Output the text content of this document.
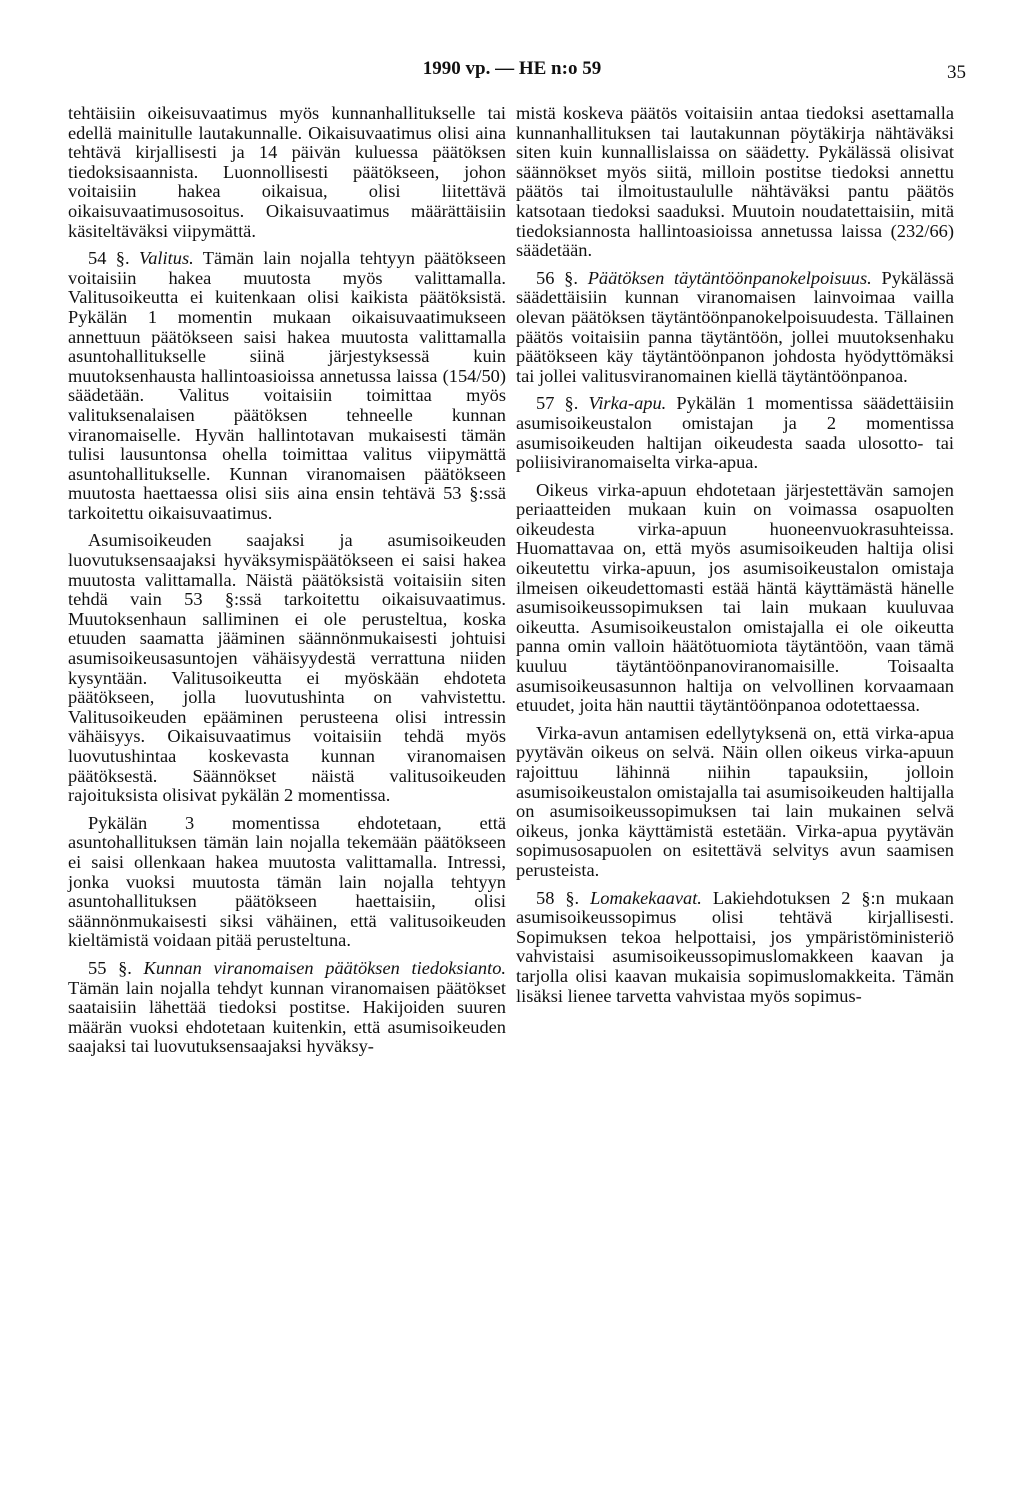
1990 vp. — HE n:o 59	35

tehtäisiin oikeisuvaatimus myös kunnanhallitukselle tai edellä mainitulle lautakunnalle. Oikaisuvaatimus olisi aina tehtävä kirjallisesti ja 14 päivän kuluessa päätöksen tiedoksisaannista. Luonnollisesti päätökseen, johon voitaisiin hakea oikaisua, olisi liitettävä oikaisuvaatimusosoitus. Oikaisuvaatimus määrättäisiin käsiteltäväksi viipymättä.

54 §. Valitus. Tämän lain nojalla tehtyyn päätökseen voitaisiin hakea muutosta myös valittamalla. Valitusoikeutta ei kuitenkaan olisi kaikista päätöksistä. Pykälän 1 momentin mukaan oikaisuvaatimukseen annettuun päätökseen saisi hakea muutosta valittamalla asuntohallitukselle siinä järjestyksessä kuin muutoksenhausta hallintoasioissa annetussa laissa (154/50) säädetään. Valitus voitaisiin toimittaa myös valituksenalaisen päätöksen tehneelle kunnan viranomaiselle. Hyvän hallintotavan mukaisesti tämän tulisi lausuntonsa ohella toimittaa valitus viipymättä asuntohallitukselle. Kunnan viranomaisen päätökseen muutosta haettaessa olisi siis aina ensin tehtävä 53 §:ssä tarkoitettu oikaisuvaatimus.

Asumisoikeuden saajaksi ja asumisoikeuden luovutuksensaajaksi hyväksymispäätökseen ei saisi hakea muutosta valittamalla. Näistä päätöksistä voitaisiin siten tehdä vain 53 §:ssä tarkoitettu oikaisuvaatimus. Muutoksenhaun salliminen ei ole perusteltua, koska etuuden saamatta jääminen säännönmukaisesti johtuisi asumisoikeusasuntojen vähäisyydestä verrattuna niiden kysyntään. Valitusoikeutta ei myöskään ehdoteta päätökseen, jolla luovutushinta on vahvistettu. Valitusoikeuden epääminen perusteena olisi intressin vähäisyys. Oikaisuvaatimus voitaisiin tehdä myös luovutushintaa koskevasta kunnan viranomaisen päätöksestä. Säännökset näistä valitusoikeuden rajoituksista olisivat pykälän 2 momentissa.

Pykälän 3 momentissa ehdotetaan, että asuntohallituksen tämän lain nojalla tekemään päätökseen ei saisi ollenkaan hakea muutosta valittamalla. Intressi, jonka vuoksi muutosta tämän lain nojalla tehtyyn asuntohallituksen päätökseen haettaisiin, olisi säännönmukaisesti siksi vähäinen, että valitusoikeuden kieltämistä voidaan pitää perusteltuna.

55 §. Kunnan viranomaisen päätöksen tiedoksianto. Tämän lain nojalla tehdyt kunnan viranomaisen päätökset saataisiin lähettää tiedoksi postitse. Hakijoiden suuren määrän vuoksi ehdotetaan kuitenkin, että asumisoikeuden saajaksi tai luovutuksensaajaksi hyväksy-

mistä koskeva päätös voitaisiin antaa tiedoksi asettamalla kunnanhallituksen tai lautakunnan pöytäkirja nähtäväksi siten kuin kunnallislaissa on säädetty. Pykälässä olisivat säännökset myös siitä, milloin postitse tiedoksi annettu päätös tai ilmoitustaululle nähtäväksi pantu päätös katsotaan tiedoksi saaduksi. Muutoin noudatettaisiin, mitä tiedoksiannosta hallintoasioissa annetussa laissa (232/66) säädetään.

56 §. Päätöksen täytäntöönpanokelpoisuus. Pykälässä säädettäisiin kunnan viranomaisen lainvoimaa vailla olevan päätöksen täytäntöönpanokelpoisuudesta. Tällainen päätös voitaisiin panna täytäntöön, jollei muutoksenhaku päätökseen käy täytäntöönpanon johdosta hyödyttömäksi tai jollei valitusviranomainen kiellä täytäntöönpanoa.

57 §. Virka-apu. Pykälän 1 momentissa säädettäisiin asumisoikeustalon omistajan ja 2 momentissa asumisoikeuden haltijan oikeudesta saada ulosotto- tai poliisiviranomaiselta virka-apua.

Oikeus virka-apuun ehdotetaan järjestettävän samojen periaatteiden mukaan kuin on voimassa osapuolten oikeudesta virka-apuun huoneenvuokrasuhteissa. Huomattavaa on, että myös asumisoikeuden haltija olisi oikeutettu virka-apuun, jos asumisoikeustalon omistaja ilmeisen oikeudettomasti estää häntä käyttämästä hänelle asumisoikeussopimuksen tai lain mukaan kuuluvaa oikeutta. Asumisoikeustalon omistajalla ei ole oikeutta panna omin valloin häätötuomiota täytäntöön, vaan tämä kuuluu täytäntöönpanoviranomaisille. Toisaalta asumisoikeusasunnon haltija on velvollinen korvaamaan etuudet, joita hän nauttii täytäntöönpanoa odotettaessa.

Virka-avun antamisen edellytyksenä on, että virka-apua pyytävän oikeus on selvä. Näin ollen oikeus virka-apuun rajoittuu lähinnä niihin tapauksiin, jolloin asumisoikeustalon omistajalla tai asumisoikeuden haltijalla on asumisoikeussopimuksen tai lain mukainen selvä oikeus, jonka käyttämistä estetään. Virka-apua pyytävän sopimusosapuolen on esitettävä selvitys avun saamisen perusteista.

58 §. Lomakekaavat. Lakiehdotuksen 2 §:n mukaan asumisoikeussopimus olisi tehtävä kirjallisesti. Sopimuksen tekoa helpottaisi, jos ympäristöministeriö vahvistaisi asumisoikeussopimuslomakkeen kaavan ja tarjolla olisi kaavan mukaisia sopimuslomakkeita. Tämän lisäksi lienee tarvetta vahvistaa myös sopimus-
